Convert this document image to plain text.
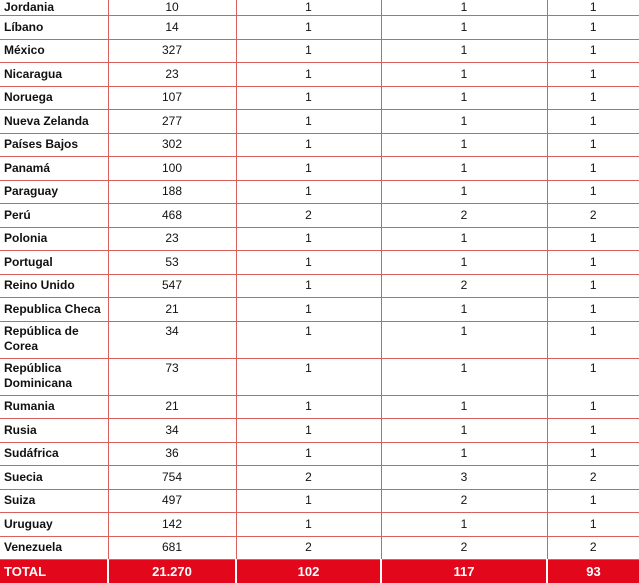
Jordania	10	1	1	1
Líbano	14	1	1	1
México	327	1	1	1
Nicaragua	23	1	1	1
Noruega	107	1	1	1
Nueva Zelanda	277	1	1	1
Países Bajos	302	1	1	1
Panamá	100	1	1	1
Paraguay	188	1	1	1
Perú	468	2	2	2
Polonia	23	1	1	1
Portugal	53	1	1	1
Reino Unido	547	1	2	1
Republica Checa	21	1	1	1
República de Corea	34	1	1	1
República Dominicana	73	1	1	1
Rumania	21	1	1	1
Rusia	34	1	1	1
Sudáfrica	36	1	1	1
Suecia	754	2	3	2
Suiza	497	1	2	1
Uruguay	142	1	1	1
Venezuela	681	2	2	2
TOTAL	21.270	102	117	93
